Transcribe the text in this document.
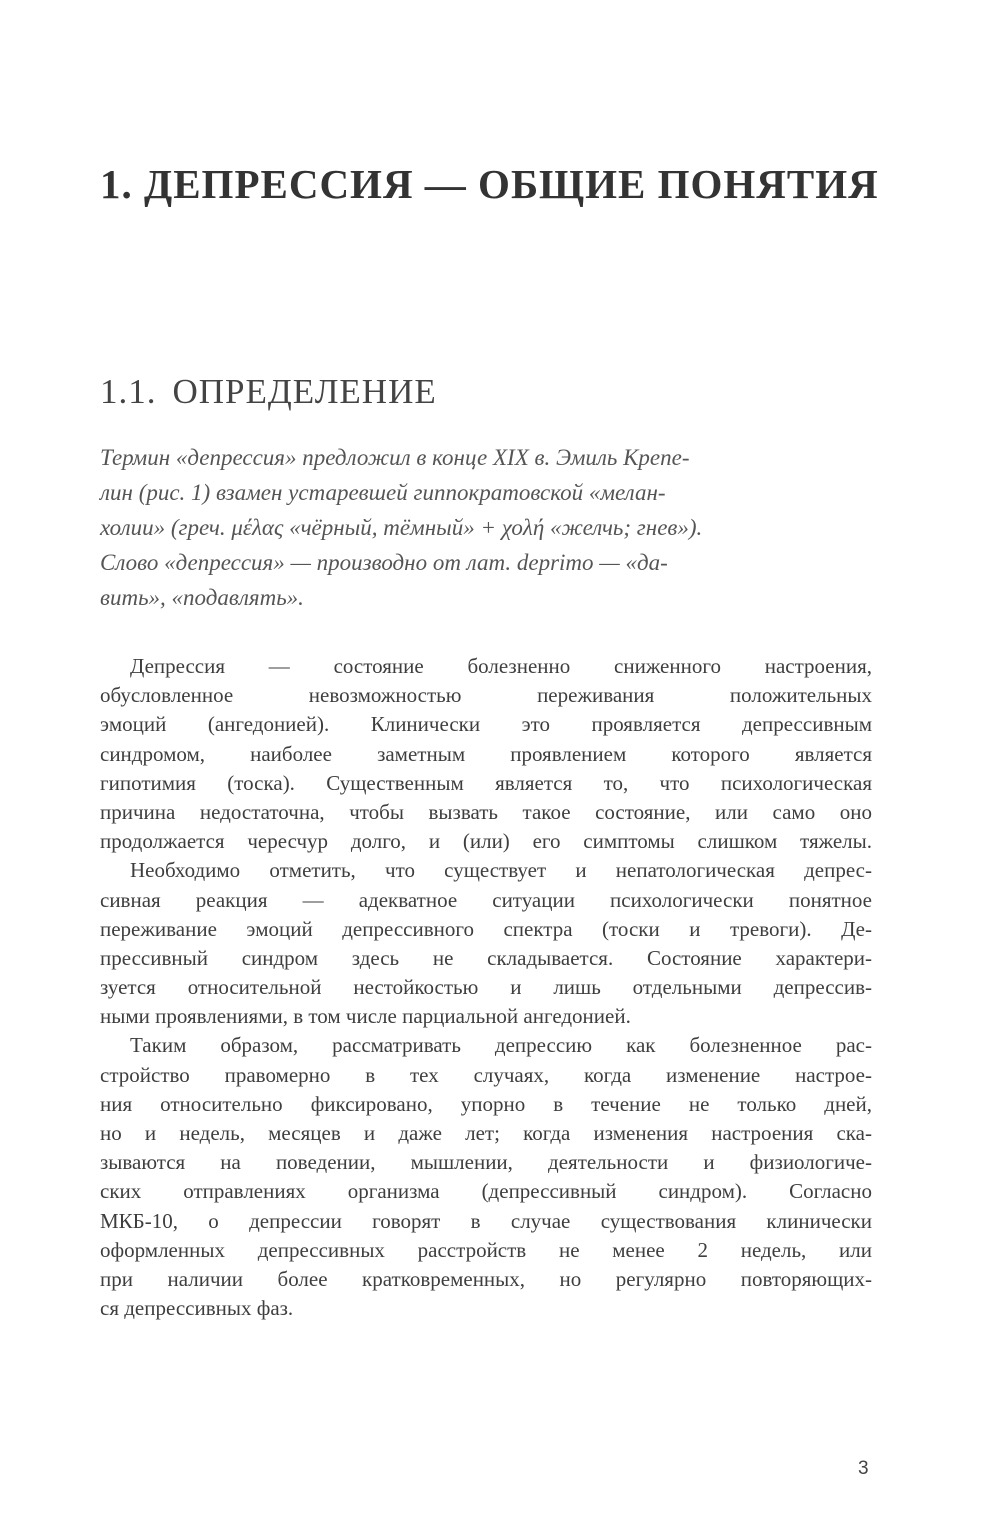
1. ДЕПРЕССИЯ — ОБЩИЕ ПОНЯТИЯ
1.1. ОПРЕДЕЛЕНИЕ

Термин «депрессия» предложил в конце XIX в. Эмиль Крепе-
лин (рис. 1) взамен устаревшей гиппократовской «мелан-
холии» (греч. μέλας «чёрный, тёмный» + χολή «желчь; гнев»).
Слово «депрессия» — производно от лат. deprimo — «да-
вить», «подавлять».

Депрессия — состояние болезненно сниженного настроения,
обусловленное невозможностью переживания положительных
эмоций (ангедонией). Клинически это проявляется депрессивным
синдромом, наиболее заметным проявлением которого является
гипотимия (тоска). Существенным является то, что психологическая
причина недостаточна, чтобы вызвать такое состояние, или само оно
продолжается чересчур долго, и (или) его симптомы слишком тяжелы.
Необходимо отметить, что существует и непатологическая депрес-
сивная реакция — адекватное ситуации психологически понятное
переживание эмоций депрессивного спектра (тоски и тревоги). Де-
прессивный синдром здесь не складывается. Состояние характери-
зуется относительной нестойкостью и лишь отдельными депрессив-
ными проявлениями, в том числе парциальной ангедонией.
Таким образом, рассматривать депрессию как болезненное рас-
стройство правомерно в тех случаях, когда изменение настрое-
ния относительно фиксировано, упорно в течение не только дней,
но и недель, месяцев и даже лет; когда изменения настроения ска-
зываются на поведении, мышлении, деятельности и физиологиче-
ских отправлениях организма (депрессивный синдром). Согласно
МКБ-10, о депрессии говорят в случае существования клинически
оформленных депрессивных расстройств не менее 2 недель, или
при наличии более кратковременных, но регулярно повторяющих-
ся депрессивных фаз.
3
